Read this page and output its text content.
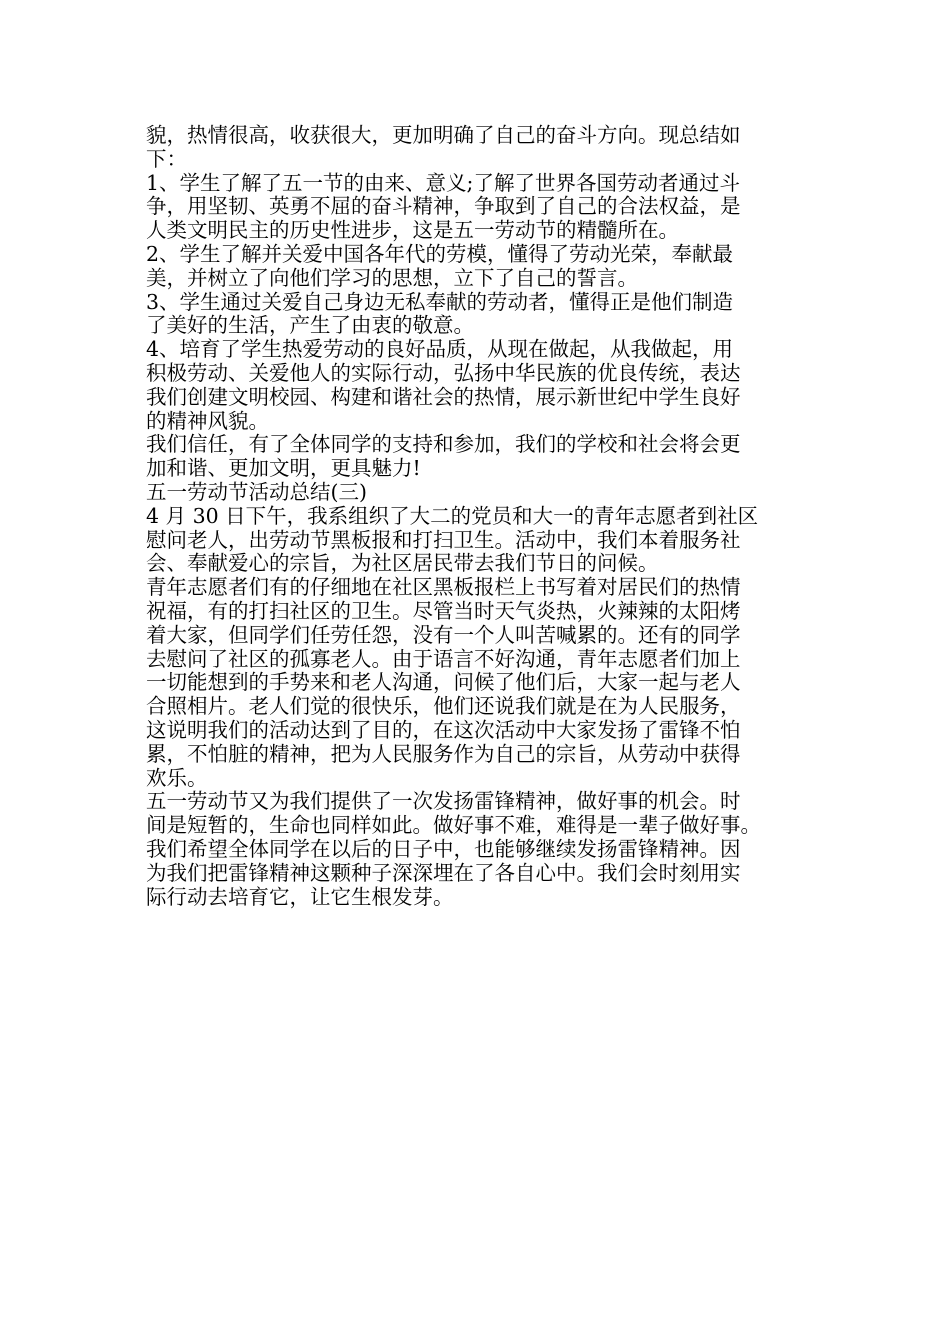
貌，热情很高，收获很大，更加明确了自己的奋斗方向。现总结如
下：
1、学生了解了五一节的由来、意义;了解了世界各国劳动者通过斗
争，用坚韧、英勇不屈的奋斗精神，争取到了自己的合法权益，是
人类文明民主的历史性进步，这是五一劳动节的精髓所在。
2、学生了解并关爱中国各年代的劳模，懂得了劳动光荣，奉献最
美，并树立了向他们学习的思想，立下了自己的誓言。
3、学生通过关爱自己身边无私奉献的劳动者，懂得正是他们制造
了美好的生活，产生了由衷的敬意。
4、培育了学生热爱劳动的良好品质，从现在做起，从我做起，用
积极劳动、关爱他人的实际行动，弘扬中华民族的优良传统，表达
我们创建文明校园、构建和谐社会的热情，展示新世纪中学生良好
的精神风貌。
我们信任，有了全体同学的支持和参加，我们的学校和社会将会更
加和谐、更加文明，更具魅力!
五一劳动节活动总结(三)
4 月 30 日下午，我系组织了大二的党员和大一的青年志愿者到社区
慰问老人，出劳动节黑板报和打扫卫生。活动中，我们本着服务社
会、奉献爱心的宗旨，为社区居民带去我们节日的问候。
青年志愿者们有的仔细地在社区黑板报栏上书写着对居民们的热情
祝福，有的打扫社区的卫生。尽管当时天气炎热，火辣辣的太阳烤
着大家，但同学们任劳任怨，没有一个人叫苦喊累的。还有的同学
去慰问了社区的孤寡老人。由于语言不好沟通，青年志愿者们加上
一切能想到的手势来和老人沟通，问候了他们后，大家一起与老人
合照相片。老人们觉的很快乐，他们还说我们就是在为人民服务，
这说明我们的活动达到了目的，在这次活动中大家发扬了雷锋不怕
累，不怕脏的精神，把为人民服务作为自己的宗旨，从劳动中获得
欢乐。
五一劳动节又为我们提供了一次发扬雷锋精神，做好事的机会。时
间是短暂的，生命也同样如此。做好事不难，难得是一辈子做好事。
我们希望全体同学在以后的日子中，也能够继续发扬雷锋精神。因
为我们把雷锋精神这颗种子深深埋在了各自心中。我们会时刻用实
际行动去培育它，让它生根发芽。
